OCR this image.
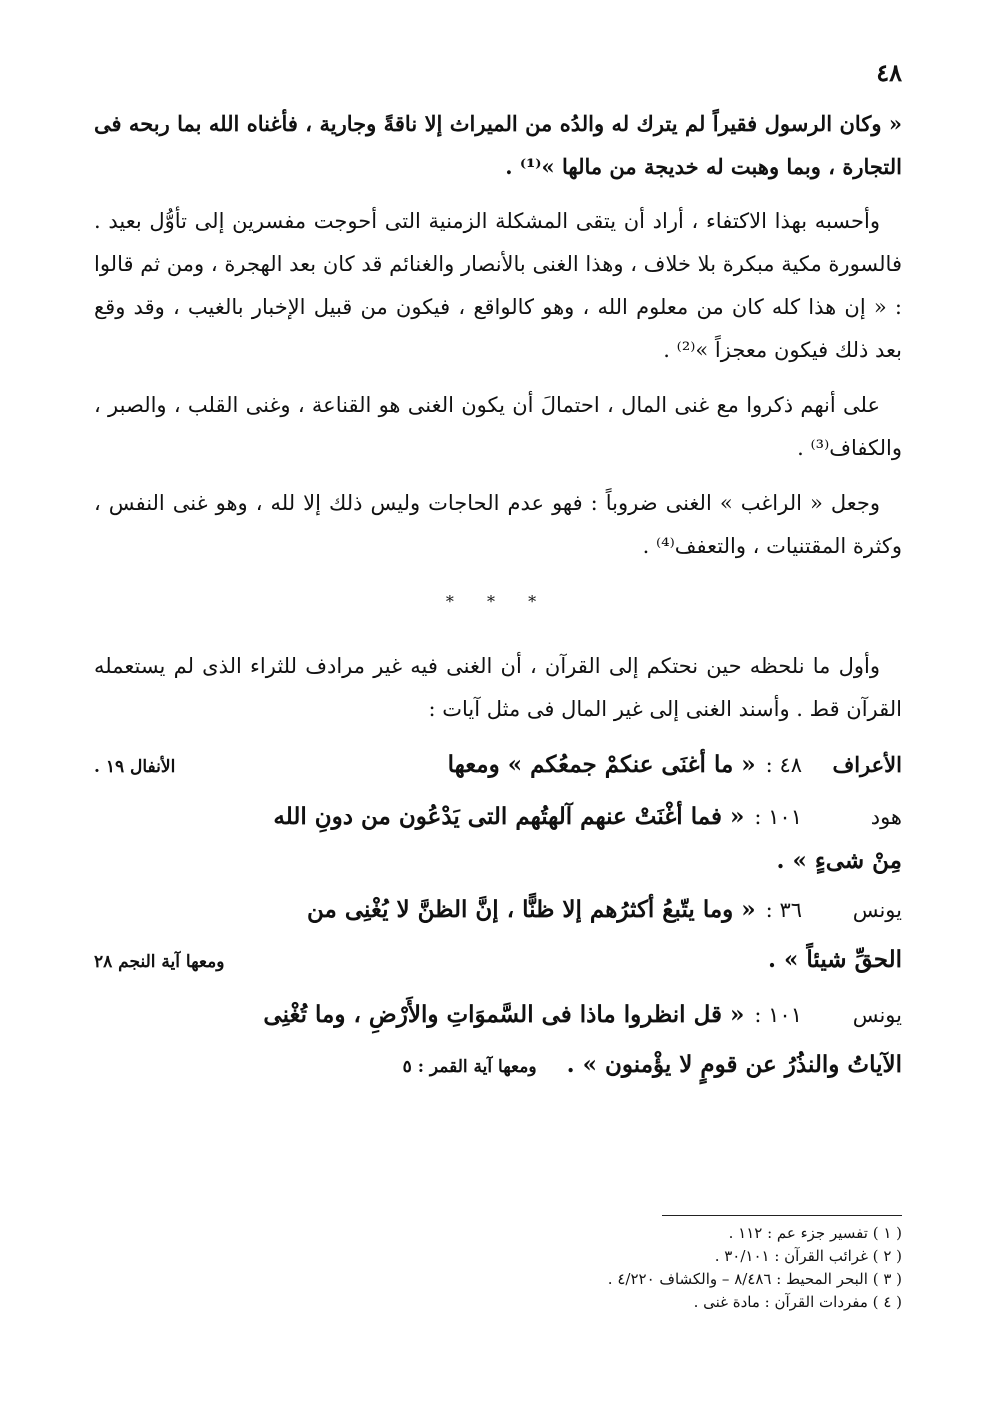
٤٨

« وكان الرسول فقيراً لم يترك له والدُه من الميراث إلا ناقةً وجارية ، فأغناه الله بما ربحه فى التجارة ، وبما وهبت له خديجة من مالها »⁽¹⁾ .

وأحسبه بهذا الاكتفاء ، أراد أن يتقى المشكلة الزمنية التى أحوجت مفسرين إلى تأوُّل بعيد . فالسورة مكية مبكرة بلا خلاف ، وهذا الغنى بالأنصار والغنائم قد كان بعد الهجرة ، ومن ثم قالوا : « إن هذا كله كان من معلوم الله ، وهو كالواقع ، فيكون من قبيل الإخبار بالغيب ، وقد وقع بعد ذلك فيكون معجزاً »⁽²⁾ .

على أنهم ذكروا مع غنى المال ، احتمالَ أن يكون الغنى هو القناعة ، وغنى القلب ، والصبر ، والكفاف⁽³⁾ .

وجعل « الراغب » الغنى ضروباً : فهو عدم الحاجات وليس ذلك إلا لله ، وهو غنى النفس ، وكثرة المقتنيات ، والتعفف⁽⁴⁾ .

* * *

وأول ما نلحظه حين نحتكم إلى القرآن ، أن الغنى فيه غير مرادف للثراء الذى لم يستعمله القرآن قط . وأسند الغنى إلى غير المال فى مثل آيات :

الأعراف
٤٨ :
« ما أغنَى عنكمْ جمعُكم » ومعها
الأنفال ١٩ .
هود
١٠١ :
« فما أغْنَتْ عنهم آلهتُهم التى يَدْعُون من دونِ الله
مِنْ شىءٍ » .
يونس
٣٦ :
« وما يتّبعُ أكثرُهم إلا ظنًّا ، إنَّ الظنَّ لا يُغْنِى من
الحقِّ شيئاً » .
ومعها آية النجم ٢٨
يونس
١٠١ :
« قل انظروا ماذا فى السَّموَاتِ والأَرْضِ ، وما تُغْنِى
الآياتُ والنذُرُ عن قومٍ لا يؤْمنون » .
ومعها آية القمر : ٥
( ١ ) تفسير جزء عم : ١١٢ .
( ٢ ) غرائب القرآن : ٣٠/١٠١ .
( ٣ ) البحر المحيط : ٨/٤٨٦ – والكشاف ٤/٢٢٠ .
( ٤ ) مفردات القرآن : مادة غنى .
